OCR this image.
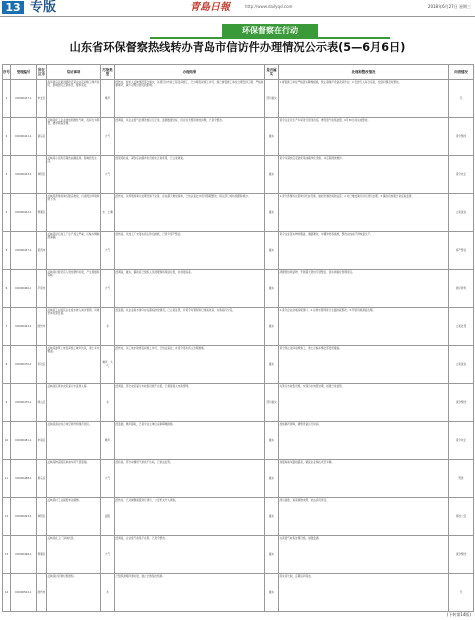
13 专版	青島日報	http://www.dailyqd.com	2018年6月27日 星期三
环保督察在行动
山东省环保督察热线转办青岛市信访件办理情况公示表(5—6月6日)
序号	受理编号	所在区市	信访事项	污染类型	办理结果	是否属实	处理和整改情况	问责情况

1	D0000437-1	市北区	投诉黄岛区黄河路附近某企业夜间施工噪声扰民，影响居民正常休息，要求查处。	噪声	经核实，信访人反映情况部分属实，该项目为市政工程夜间施工，已办理夜间施工许可，现已督促施工单位合理安排工期，严格控制噪声，减少对周边居民的影响。	部分属实	1.督促施工单位严格落实降噪措施，禁止高噪声设备夜间作业；2.安排专人每日巡查，发现问题及时整改。	无

2	D0000441-1	黄岛区	反映某化工企业排放刺激性气味，夜间尤为明显，要求调查处理。	大气	经调查，该企业废气处理设施运行正常，监测数据达标，但存在无组织排放问题，已责令整改。	属实	责令企业对生产车间进行密闭改造，增设废气收集装置，6月30日前完成整改。	责令整改

3	D0000443-1	城阳区	反映某小区附近餐饮油烟直排，影响居民生活。	大气	经现场检查，餐饮店油烟净化设施未正常使用，已立案调查。	属实	责令该餐饮店安装使用油烟净化设施，并定期清洗维护。	责令改正

4	D0000452-1	即墨区	反映某养殖场粪污随意堆放，污染周边环境和地下水。	水、土壤	经核实，该养殖场粪污处理设施不完善，存在露天堆放现象，已依法查处并责令限期整改，相关部门将持续跟踪督办。	属实	1.责令养殖场完善粪污贮存设施，做好防渗防雨防溢流；2.对已堆放粪污进行清运处理；3.镇政府加强日常巡查监管。	立案查处

5	D0000457-1	莱西市	反映某砂石加工厂生产扬尘严重，运输车辆抛洒滴漏。	大气	经核查，该加工厂未落实扬尘防治措施，已责令停产整治。	属实	责令企业落实物料覆盖、道路硬化、车辆冲洗等措施，整改完成前不得恢复生产。	停产整治

6	D0000460-1	平度市	反映某村附近有人焚烧塑料垃圾，产生黑烟和异味。	大气	经调查，属实，镇政府已组织人员清理现场残留垃圾，并加强巡查。	属实	清理焚烧残留物，开展露天焚烧专项整治，落实网格化管理责任。	批评教育

7	D0000463-1	胶州市	反映某工业园区企业废水排入雨水管网，河道水体发黑发臭。	水	经监测，该企业雨水排口存在超标排放情况，已立案处罚，并责令对管网进行排查改造，实施雨污分流。	属实	1.责令企业封堵违规排口；2.对排水管网进行全面排查整改；3.开展河道清淤治理。	立案处罚

8	D0000470-1	李沧区	反映某建筑工地夜间施工噪声扰民，渣土车未覆盖。	噪声、大气	经核实，该工地未取得夜间施工许可，已依法查处，并责令落实扬尘治理措施。	属实	责令停止夜间违规施工，渣土运输车辆全部密闭覆盖。	立案查处

9	D0000475-1	崂山区	反映景区周边农家宴污水直排入海。	水	经调查，部分农家宴污水收集设施不完善，已督促接入市政管网。	部分属实	完善污水收集设施，实现污水纳管处理，加强日常监管。	责令整改

10	D0000481-1	市南区	反映某商业综合体空调外机噪声扰民。	噪声	经监测，噪声超标，已责令业主单位采取降噪措施。	属实	加装隔声屏障，调整设备运行时间。	责令改正

11	D0000488-1	黄岛区	反映某物流园区柴油车尾气冒黑烟。	大气	经检查，部分车辆尾气排放不达标，已依法处罚。	属实	加强柴油车路检路查，督促企业淘汰老旧车辆。	罚款

12	D0000493-1	城阳区	反映某村工业固废非法倾倒。	固废	经核实，已对倾倒固废进行清运，公安机关介入调查。	属实	清运固废，追查倾倒来源，依法追究责任。	移送公安

13	D0000498-1	即墨区	反映某化工厂异味扰民。	大气	经调查，企业废气收集不完善，已责令整改。	属实	完善废气收集处理设施，加强监测。	责令整改

14	D0000502-1	胶州市	反映某村河道垃圾堆积。	水	已组织清理河道垃圾，建立长效保洁机制。	属实	落实河长制，定期巡河保洁。	无
(下转第14版)
